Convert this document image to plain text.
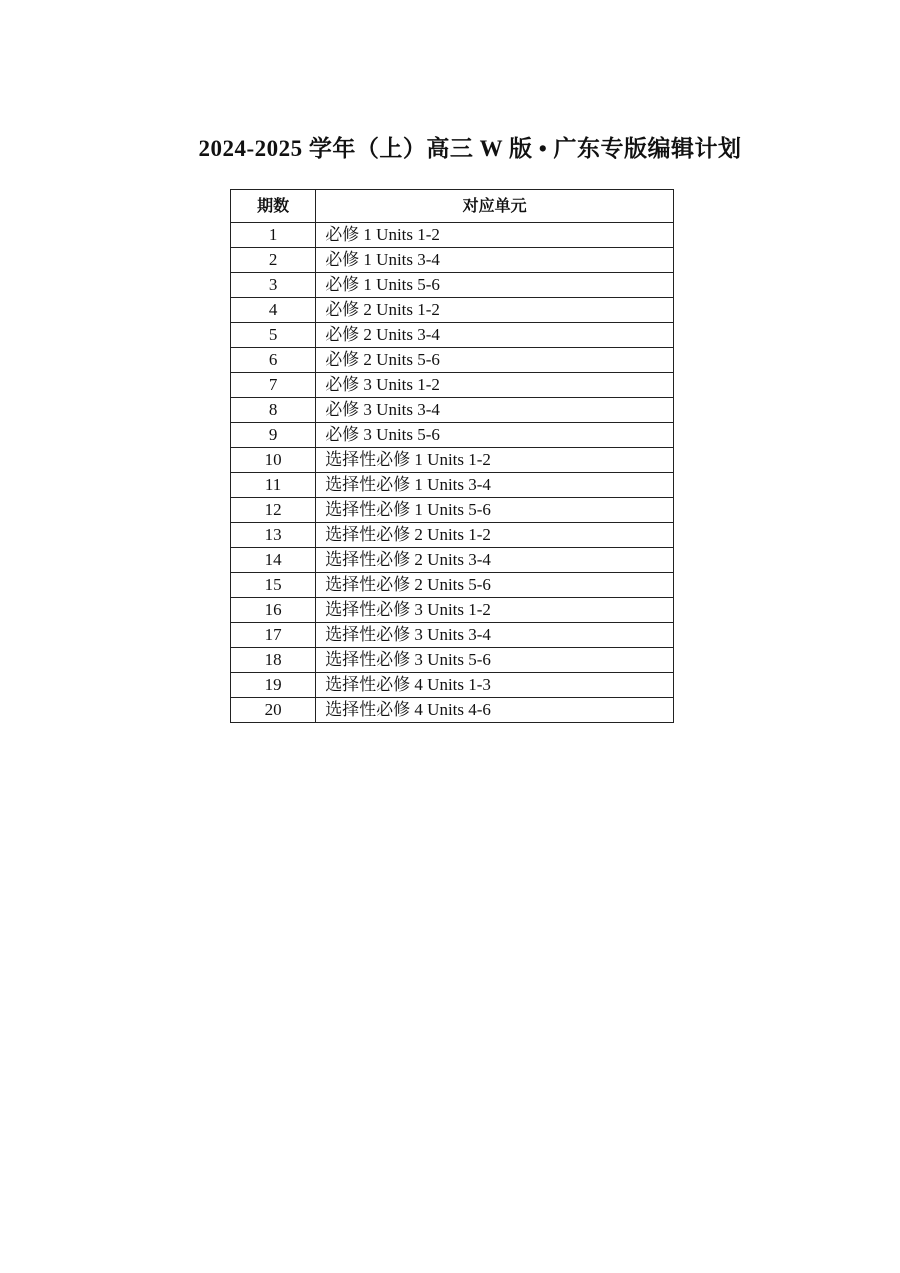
2024-2025 学年（上）高三 W 版 • 广东专版编辑计划
期数	对应单元
1	必修 1 Units 1-2
2	必修 1 Units 3-4
3	必修 1 Units 5-6
4	必修 2 Units 1-2
5	必修 2 Units 3-4
6	必修 2 Units 5-6
7	必修 3 Units 1-2
8	必修 3 Units 3-4
9	必修 3 Units 5-6
10	选择性必修 1 Units 1-2
11	选择性必修 1 Units 3-4
12	选择性必修 1 Units 5-6
13	选择性必修 2 Units 1-2
14	选择性必修 2 Units 3-4
15	选择性必修 2 Units 5-6
16	选择性必修 3 Units 1-2
17	选择性必修 3 Units 3-4
18	选择性必修 3 Units 5-6
19	选择性必修 4 Units 1-3
20	选择性必修 4 Units 4-6
